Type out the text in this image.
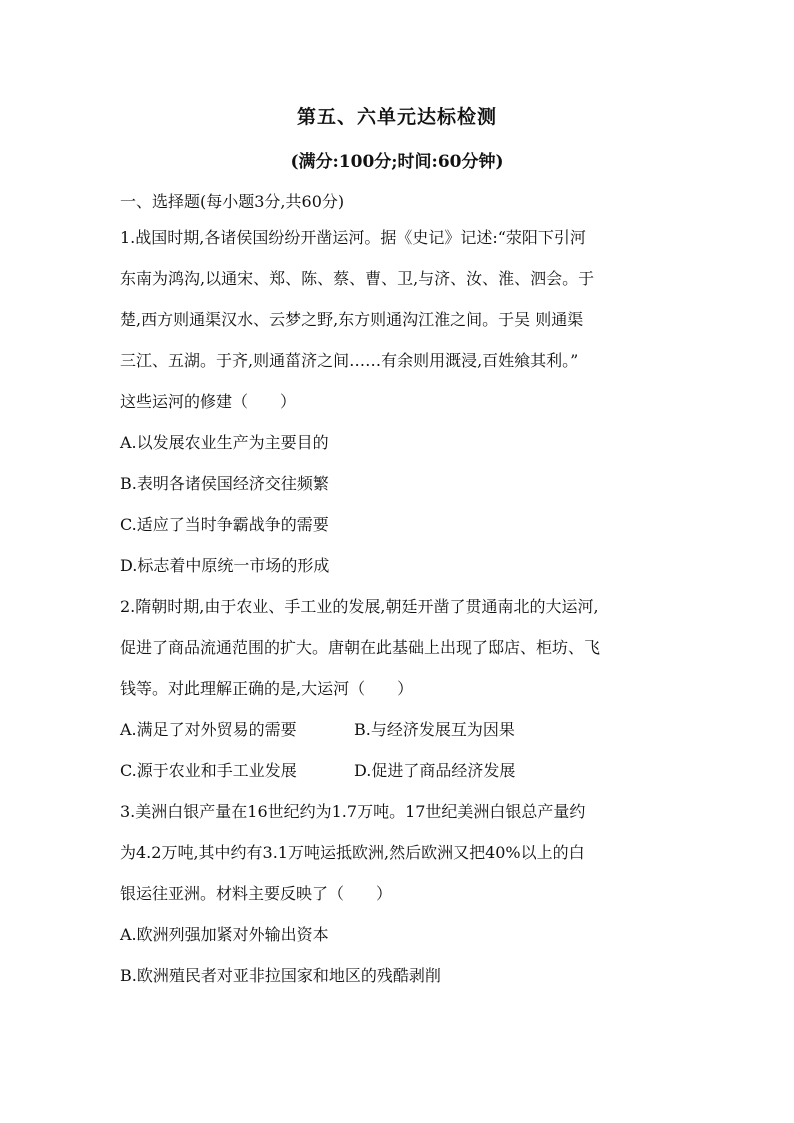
第五、六单元达标检测
(满分:100分;时间:60分钟)

一、选择题(每小题3分,共60分)

1.战国时期,各诸侯国纷纷开凿运河。据《史记》记述:“荥阳下引河

东南为鸿沟,以通宋、郑、陈、蔡、曹、卫,与济、汝、淮、泗会。于

楚,西方则通渠汉水、云梦之野,东方则通沟江淮之间。于吴 则通渠

三江、五湖。于齐,则通菑济之间……有余则用溉浸,百姓飨其利。”

这些运河的修建（　　）

A.以发展农业生产为主要目的

B.表明各诸侯国经济交往频繁

C.适应了当时争霸战争的需要

D.标志着中原统一市场的形成

2.隋朝时期,由于农业、手工业的发展,朝廷开凿了贯通南北的大运河,

促进了商品流通范围的扩大。唐朝在此基础上出现了邸店、柜坊、飞

钱等。对此理解正确的是,大运河（　　）

A.满足了对外贸易的需要	B.与经济发展互为因果
C.源于农业和手工业发展	D.促进了商品经济发展

3.美洲白银产量在16世纪约为1.7万吨。17世纪美洲白银总产量约

为4.2万吨,其中约有3.1万吨运抵欧洲,然后欧洲又把40%以上的白

银运往亚洲。材料主要反映了（　　）

A.欧洲列强加紧对外输出资本

B.欧洲殖民者对亚非拉国家和地区的残酷剥削
